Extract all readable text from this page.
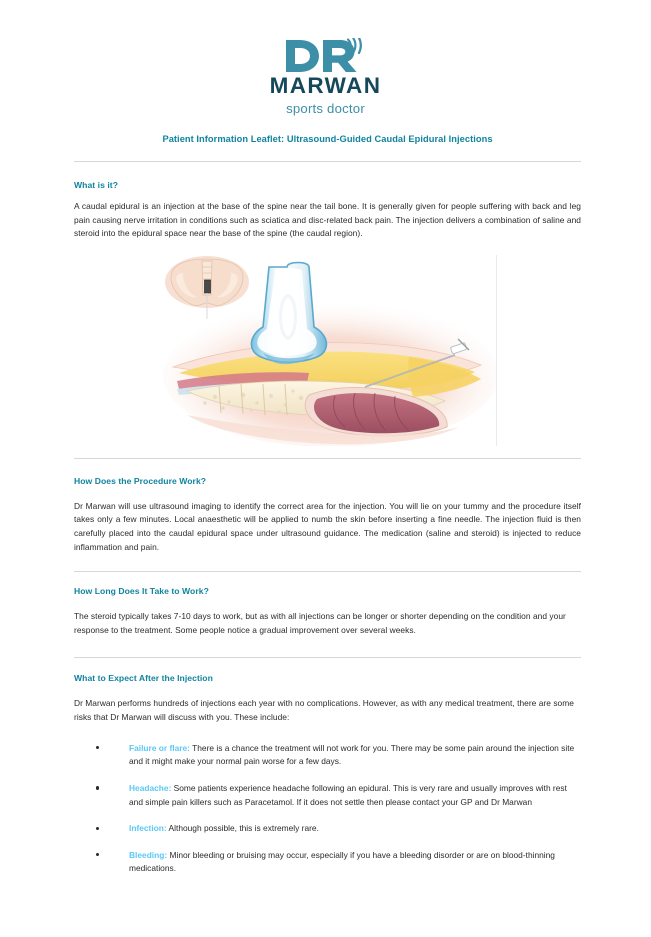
MARWAN
sports doctor
Patient Information Leaflet: Ultrasound-Guided Caudal Epidural Injections
What is it?

A caudal epidural is an injection at the base of the spine near the tail bone. It is generally given for people suffering with back and leg pain causing nerve irritation in conditions such as sciatica and disc-related back pain. The injection delivers a combination of saline and steroid into the epidural space near the base of the spine (the caudal region).

How Does the Procedure Work?

Dr Marwan will use ultrasound imaging to identify the correct area for the injection. You will lie on your tummy and the procedure itself takes only a few minutes. Local anaesthetic will be applied to numb the skin before inserting a fine needle. The injection fluid is then carefully placed into the caudal epidural space under ultrasound guidance. The medication (saline and steroid) is injected to reduce inflammation and pain.

How Long Does It Take to Work?

The steroid typically takes 7-10 days to work, but as with all injections can be longer or shorter depending on the condition and your response to the treatment. Some people notice a gradual improvement over several weeks.

What to Expect After the Injection

Dr Marwan performs hundreds of injections each year with no complications. However, as with any medical treatment, there are some risks that Dr Marwan will discuss with you. These include:

Failure or flare: There is a chance the treatment will not work for you. There may be some pain around the injection site and it might make your normal pain worse for a few days.
Headache: Some patients experience headache following an epidural. This is very rare and usually improves with rest and simple pain killers such as Paracetamol. If it does not settle then please contact your GP and Dr Marwan
Infection: Although possible, this is extremely rare.
Bleeding: Minor bleeding or bruising may occur, especially if you have a bleeding disorder or are on blood-thinning medications.
